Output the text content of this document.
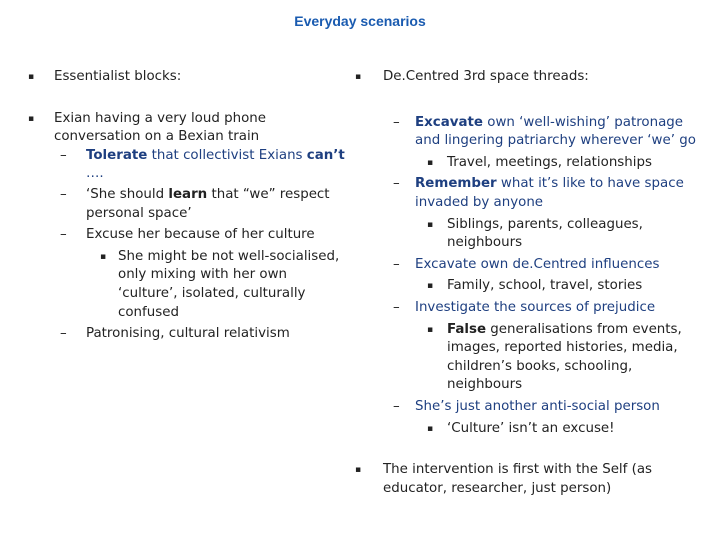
Everyday scenarios
▪ Essentialist blocks:
▪ Exian having a very loud phone conversation on a Bexian train
– Tolerate that collectivist Exians can’t ….
– ‘She should learn that “we” respect personal space’
– Excuse her because of her culture
▪ She might be not well-socialised, only mixing with her own ‘culture’, isolated, culturally confused
– Patronising, cultural relativism
▪ De.Centred 3rd space threads:
– Excavate own ‘well-wishing’ patronage and lingering patriarchy wherever ‘we’ go
▪ Travel, meetings, relationships
– Remember what it’s like to have space invaded by anyone
▪ Siblings, parents, colleagues, neighbours
– Excavate own de.Centred influences
▪ Family, school, travel, stories
– Investigate the sources of prejudice
▪ False generalisations from events, images, reported histories, media, children’s books, schooling, neighbours
– She’s just another anti-social person
▪ ‘Culture’ isn’t an excuse!
▪ The intervention is first with the Self (as educator, researcher, just person)
